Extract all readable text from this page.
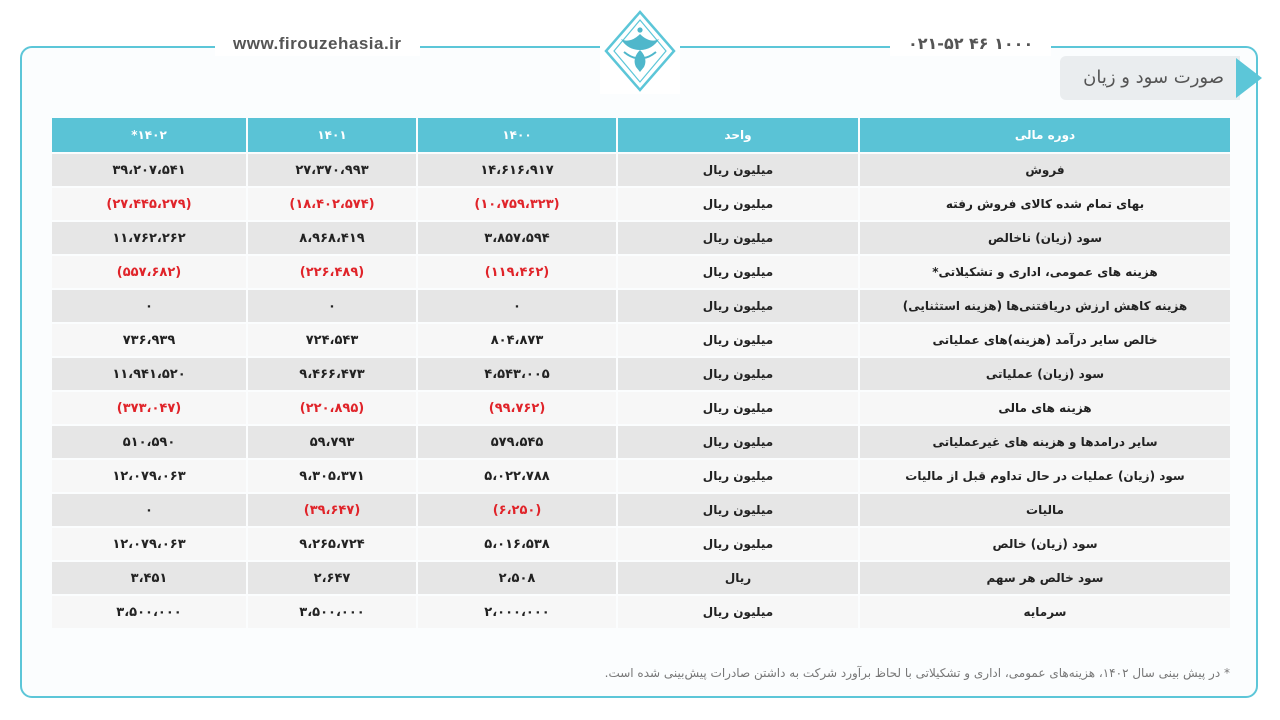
www.firouzehasia.ir	۰۲۱-۵۲ ۴۶ ۱۰۰۰
صورت سود و زیان
دوره مالی	واحد	۱۴۰۰	۱۴۰۱	۱۴۰۲*
فروش	میلیون ریال	۱۴،۶۱۶،۹۱۷	۲۷،۳۷۰،۹۹۳	۳۹،۲۰۷،۵۴۱
بهای تمام شده کالای فروش رفته	میلیون ریال	(۱۰،۷۵۹،۳۲۳)	(۱۸،۴۰۲،۵۷۴)	(۲۷،۴۴۵،۲۷۹)
سود (زیان) ناخالص	میلیون ریال	۳،۸۵۷،۵۹۴	۸،۹۶۸،۴۱۹	۱۱،۷۶۲،۲۶۲
هزینه های عمومی، اداری و تشکیلاتی*	میلیون ریال	(۱۱۹،۴۶۲)	(۲۲۶،۴۸۹)	(۵۵۷،۶۸۲)
هزینه کاهش ارزش دریافتنی‌ها (هزینه استثنایی)	میلیون ریال	۰	۰	۰
خالص سایر درآمد (هزینه)های عملیاتی	میلیون ریال	۸۰۴،۸۷۳	۷۲۴،۵۴۳	۷۳۶،۹۳۹
سود (زیان) عملیاتی	میلیون ریال	۴،۵۴۳،۰۰۵	۹،۴۶۶،۴۷۳	۱۱،۹۴۱،۵۲۰
هزینه های مالی	میلیون ریال	(۹۹،۷۶۲)	(۲۲۰،۸۹۵)	(۳۷۳،۰۴۷)
سایر درامدها و هزینه های غیرعملیاتی	میلیون ریال	۵۷۹،۵۴۵	۵۹،۷۹۳	۵۱۰،۵۹۰
سود (زیان) عملیات در حال تداوم قبل از مالیات	میلیون ریال	۵،۰۲۲،۷۸۸	۹،۳۰۵،۳۷۱	۱۲،۰۷۹،۰۶۳
مالیات	میلیون ریال	(۶،۲۵۰)	(۳۹،۶۴۷)	۰
سود (زیان) خالص	میلیون ریال	۵،۰۱۶،۵۳۸	۹،۲۶۵،۷۲۴	۱۲،۰۷۹،۰۶۳
سود خالص هر سهم	ریال	۲،۵۰۸	۲،۶۴۷	۳،۴۵۱
سرمایه	میلیون ریال	۲،۰۰۰،۰۰۰	۳،۵۰۰،۰۰۰	۳،۵۰۰،۰۰۰
* در پیش بینی سال ۱۴۰۲، هزینه‌های عمومی، اداری و تشکیلاتی با لحاظ برآورد شرکت به داشتن صادرات پیش‌بینی شده است.
